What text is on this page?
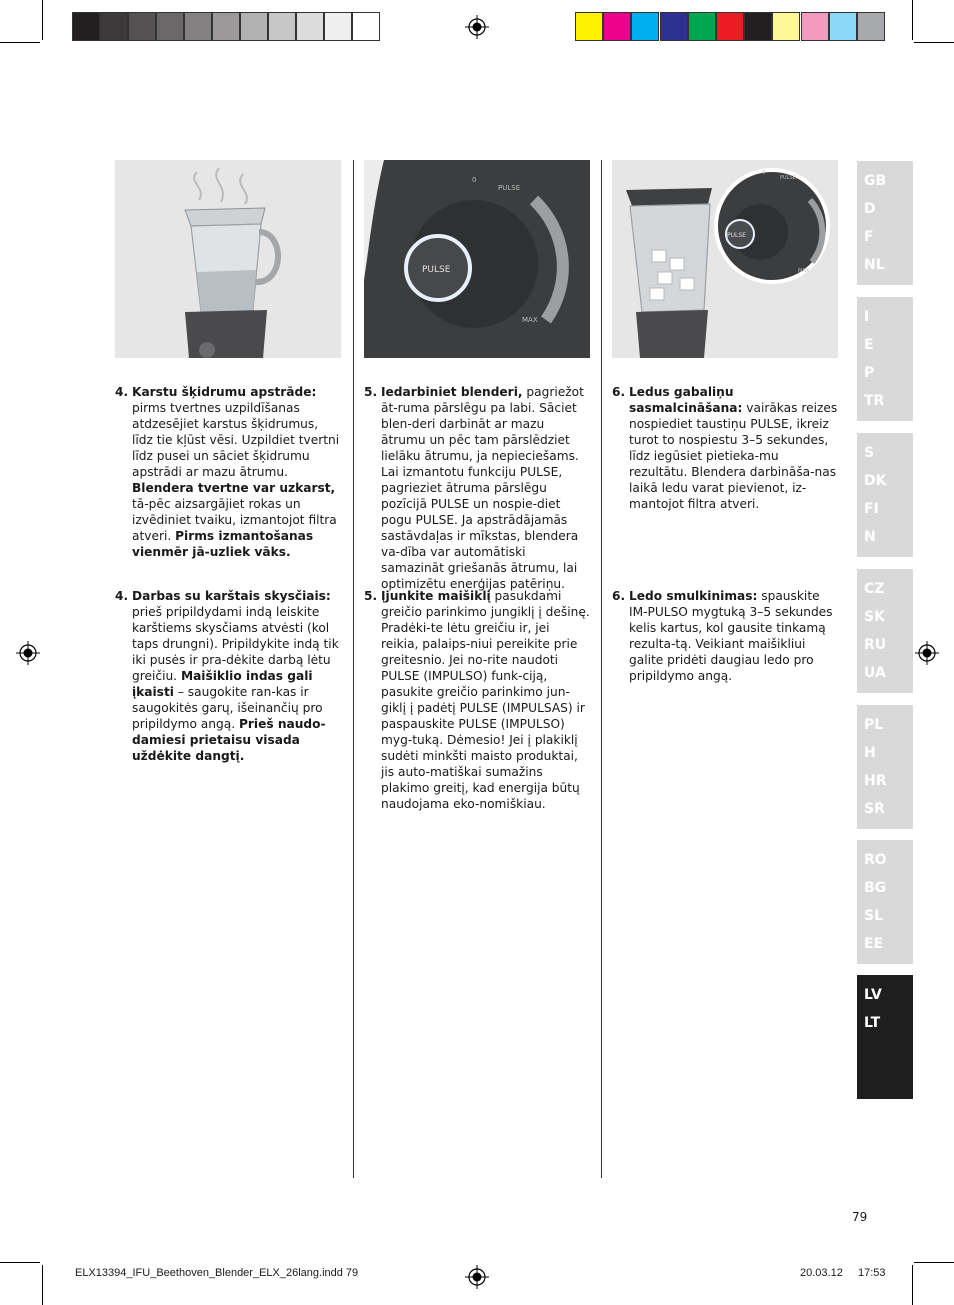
PULSE
0
PULSE
MAX
PULSE
0
PULSE
MAX
4. Karstu šķidrumu apstrāde: pirms tvertnes uzpildīšanas atdzesējiet karstus šķidrumus, līdz tie kļūst vēsi. Uzpildiet tvertni līdz pusei un sāciet šķidrumu apstrādi ar mazu ātrumu. Blendera tvertne var uzkarst, tā-pēc aizsargājiet rokas un izvēdiniet tvaiku, izmantojot filtra atveri. Pirms izmantošanas vienmēr jā-uzliek vāks.
4. Darbas su karštais skysčiais: prieš pripildydami indą leiskite karštiems skysčiams atvėsti (kol taps drungni). Pripildykite indą tik iki pusės ir pra-dėkite darbą lėtu greičiu. Maišiklio indas gali įkaisti – saugokite ran-kas ir saugokitės garų, išeinančių pro pripildymo angą. Prieš naudo-damiesi prietaisu visada uždėkite dangtį.
5. Iedarbiniet blenderi, pagriežot āt-ruma pārslēgu pa labi. Sāciet blen-deri darbināt ar mazu ātrumu un pēc tam pārslēdziet lielāku ātrumu, ja nepieciešams. Lai izmantotu funkciju PULSE, pagrieziet ātruma pārslēgu pozīcijā PULSE un nospie-diet pogu PULSE. Ja apstrādājamās sastāvdaļas ir mīkstas, blendera va-dība var automātiski samazināt griešanās ātrumu, lai optimizētu enerģijas patēriņu.
5. Įjunkite maišiklį pasukdami greičio parinkimo jungiklį į dešinę. Pradėki-te lėtu greičiu ir, jei reikia, palaips-niui pereikite prie greitesnio. Jei no-rite naudoti PULSE (IMPULSO) funk-ciją, pasukite greičio parinkimo jun-giklį į padėtį PULSE (IMPULSAS) ir paspauskite PULSE (IMPULSO) myg-tuką. Dėmesio! Jei į plakiklį sudėti minkšti maisto produktai, jis auto-matiškai sumažins plakimo greitį, kad energija būtų naudojama eko-nomiškiau.
6. Ledus gabaliņu sasmalcināšana: vairākas reizes nospiediet taustiņu PULSE, ikreiz turot to nospiestu 3–5 sekundes, līdz iegūsiet pietieka-mu rezultātu. Blendera darbināša-nas laikā ledu varat pievienot, iz-mantojot filtra atveri.
6. Ledo smulkinimas: spauskite IM-PULSO mygtuką 3–5 sekundes kelis kartus, kol gausite tinkamą rezulta-tą. Veikiant maišikliui galite pridėti daugiau ledo pro pripildymo angą.
GB
D
F
NL
I
E
P
TR
S
DK
FI
N
CZ
SK
RU
UA
PL
H
HR
SR
RO
BG
SL
EE
LV
LT
79
ELX13394_IFU_Beethoven_Blender_ELX_26lang.indd 79	20.03.12 17:53
